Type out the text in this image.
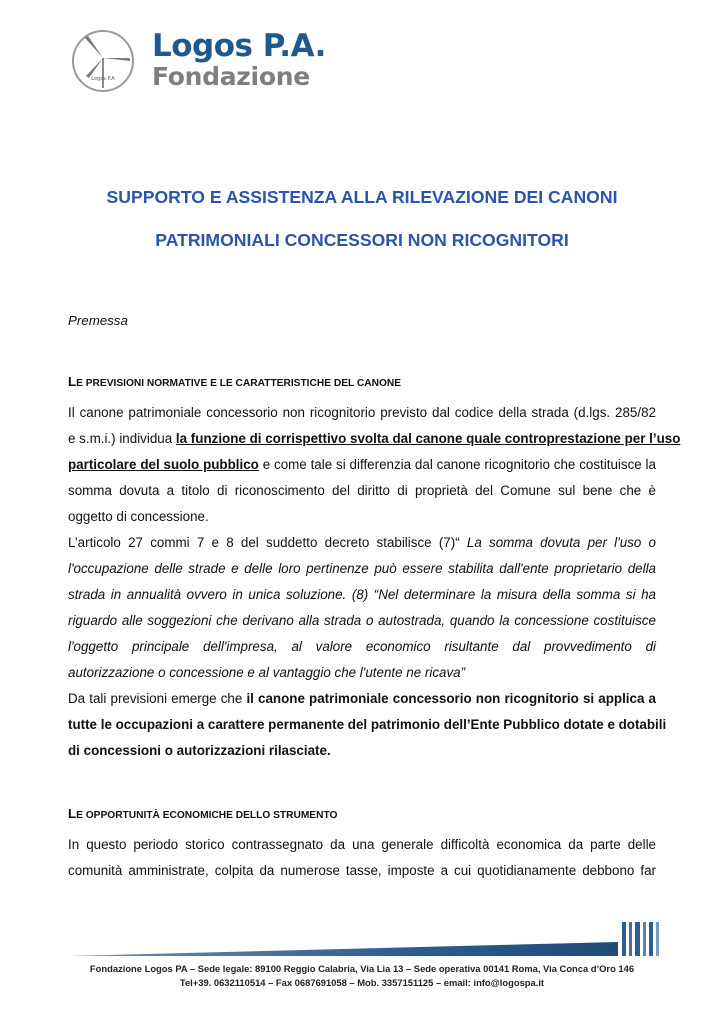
Logos P.A
Logos P.A.
Fondazione
SUPPORTO E ASSISTENZA ALLA RILEVAZIONE DEI CANONI
PATRIMONIALI CONCESSORI NON RICOGNITORI
Premessa
LE PREVISIONI NORMATIVE E LE CARATTERISTICHE DEL CANONE
Il canone patrimoniale concessorio non ricognitorio previsto dal codice della strada (d.lgs. 285/82
e s.m.i.) individua la funzione di corrispettivo svolta dal canone quale controprestazione per l’uso
particolare del suolo pubblico e come tale si differenzia dal canone ricognitorio che costituisce la
somma dovuta a titolo di riconoscimento del diritto di proprietà del Comune sul bene che è
oggetto di concessione.
L’articolo 27 commi 7 e 8 del suddetto decreto stabilisce (7)“ La somma dovuta per l'uso o
l'occupazione delle strade e delle loro pertinenze può essere stabilita dall'ente proprietario della
strada in annualità ovvero in unica soluzione. (8) “Nel determinare la misura della somma si ha
riguardo alle soggezioni che derivano alla strada o autostrada, quando la concessione costituisce
l'oggetto principale dell'impresa, al valore economico risultante dal provvedimento di
autorizzazione o concessione e al vantaggio che l'utente ne ricava”
Da tali previsioni emerge che il canone patrimoniale concessorio non ricognitorio si applica a
tutte le occupazioni a carattere permanente del patrimonio dell’Ente Pubblico dotate e dotabili
di concessioni o autorizzazioni rilasciate.
LE OPPORTUNITÀ ECONOMICHE DELLO STRUMENTO
In questo periodo storico contrassegnato da una generale difficoltà economica da parte delle
comunità amministrate, colpita da numerose tasse, imposte a cui quotidianamente debbono far
Fondazione Logos PA – Sede legale: 89100 Reggio Calabria, Via Lia 13 – Sede operativa 00141 Roma, Via Conca d’Oro 146
Tel+39. 0632110514 – Fax 0687691058 – Mob. 3357151125 – email: info@logospa.it
